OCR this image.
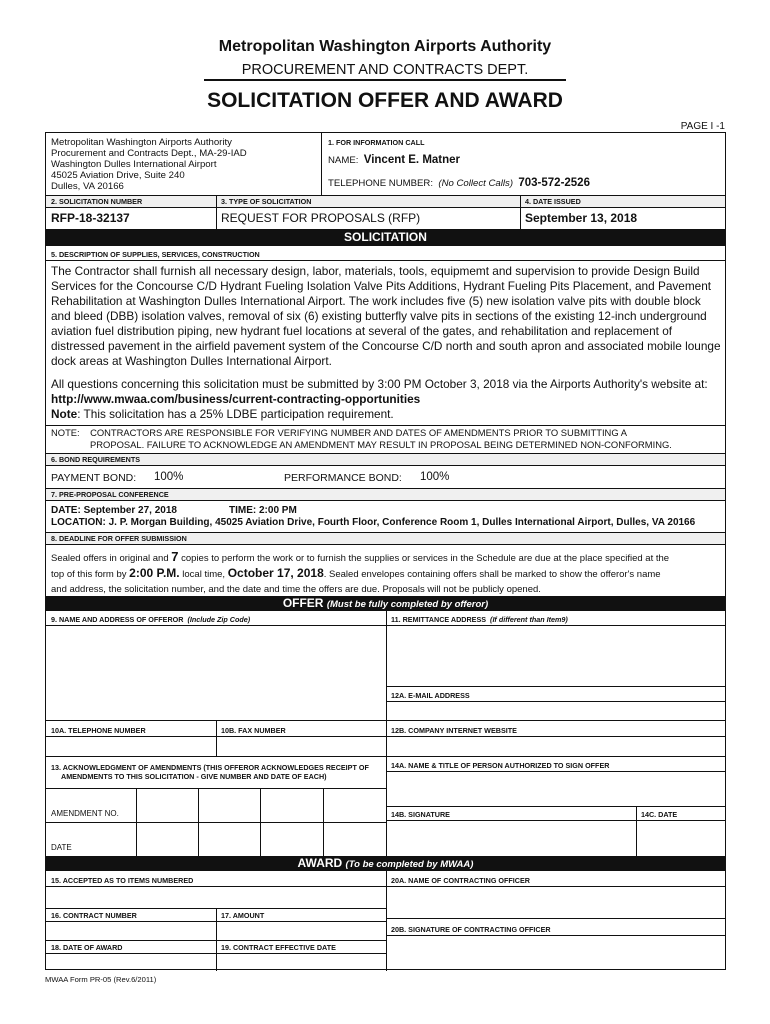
Metropolitan Washington Airports Authority
PROCUREMENT AND CONTRACTS DEPT.
SOLICITATION OFFER AND AWARD
PAGE I -1
Metropolitan Washington Airports Authority
Procurement and Contracts Dept., MA-29-IAD
Washington Dulles International Airport
45025 Aviation Drive, Suite 240
Dulles, VA 20166
1. FOR INFORMATION CALL
NAME: Vincent E. Matner
TELEPHONE NUMBER: (No Collect Calls) 703-572-2526
2. SOLICITATION NUMBER	3. TYPE OF SOLICITATION	4. DATE ISSUED
RFP-18-32137	REQUEST FOR PROPOSALS (RFP)	September 13, 2018
SOLICITATION
5. DESCRIPTION OF SUPPLIES, SERVICES, CONSTRUCTION
The Contractor shall furnish all necessary design, labor, materials, tools, equipmemt and supervision to provide Design Build Services for the Concourse C/D Hydrant Fueling Isolation Valve Pits Additions, Hydrant Fueling Pits Placement, and Pavement Rehabilitation at Washington Dulles International Airport. The work includes five (5) new isolation valve pits with double block and bleed (DBB) isolation valves, removal of six (6) existing butterfly valve pits in sections of the existing 12-inch underground aviation fuel distribution piping, new hydrant fuel locations at several of the gates, and rehabilitation and replacement of distressed pavement in the airfield pavement system of the Concourse C/D north and south apron and associated mobile lounge dock areas at Washington Dulles International Airport.
All questions concerning this solicitation must be submitted by 3:00 PM October 3, 2018 via the Airports Authority's website at: http://www.mwaa.com/business/current-contracting-opportunities
Note: This solicitation has a 25% LDBE participation requirement.
NOTE: CONTRACTORS ARE RESPONSIBLE FOR VERIFYING NUMBER AND DATES OF AMENDMENTS PRIOR TO SUBMITTING A
PROPOSAL. FAILURE TO ACKNOWLEDGE AN AMENDMENT MAY RESULT IN PROPOSAL BEING DETERMINED NON-CONFORMING.
6. BOND REQUIREMENTS
PAYMENT BOND: 100%	PERFORMANCE BOND: 100%
7. PRE-PROPOSAL CONFERENCE
DATE: September 27, 2018	TIME: 2:00 PM
LOCATION: J. P. Morgan Building, 45025 Aviation Drive, Fourth Floor, Conference Room 1, Dulles International Airport, Dulles, VA 20166
8. DEADLINE FOR OFFER SUBMISSION
Sealed offers in original and 7 copies to perform the work or to furnish the supplies or services in the Schedule are due at the place specified at the
top of this form by 2:00 P.M. local time, October 17, 2018. Sealed envelopes containing offers shall be marked to show the offeror's name
and address, the solicitation number, and the date and time the offers are due. Proposals will not be publicly opened.
OFFER (Must be fully completed by offeror)
9. NAME AND ADDRESS OF OFFEROR (Include Zip Code)	11. REMITTANCE ADDRESS (If different than Item9)
12A. E-MAIL ADDRESS
10A. TELEPHONE NUMBER	10B. FAX NUMBER	12B. COMPANY INTERNET WEBSITE
13. ACKNOWLEDGMENT OF AMENDMENTS (THIS OFFEROR ACKNOWLEDGES RECEIPT OF
AMENDMENTS TO THIS SOLICITATION - GIVE NUMBER AND DATE OF EACH)
14A. NAME & TITLE OF PERSON AUTHORIZED TO SIGN OFFER
AMENDMENT NO.
DATE
14B. SIGNATURE	14C. DATE
AWARD (To be completed by MWAA)
15. ACCEPTED AS TO ITEMS NUMBERED	20A. NAME OF CONTRACTING OFFICER
16. CONTRACT NUMBER	17. AMOUNT
20B. SIGNATURE OF CONTRACTING OFFICER
18. DATE OF AWARD	19. CONTRACT EFFECTIVE DATE
MWAA Form PR-05 (Rev.6/2011)
